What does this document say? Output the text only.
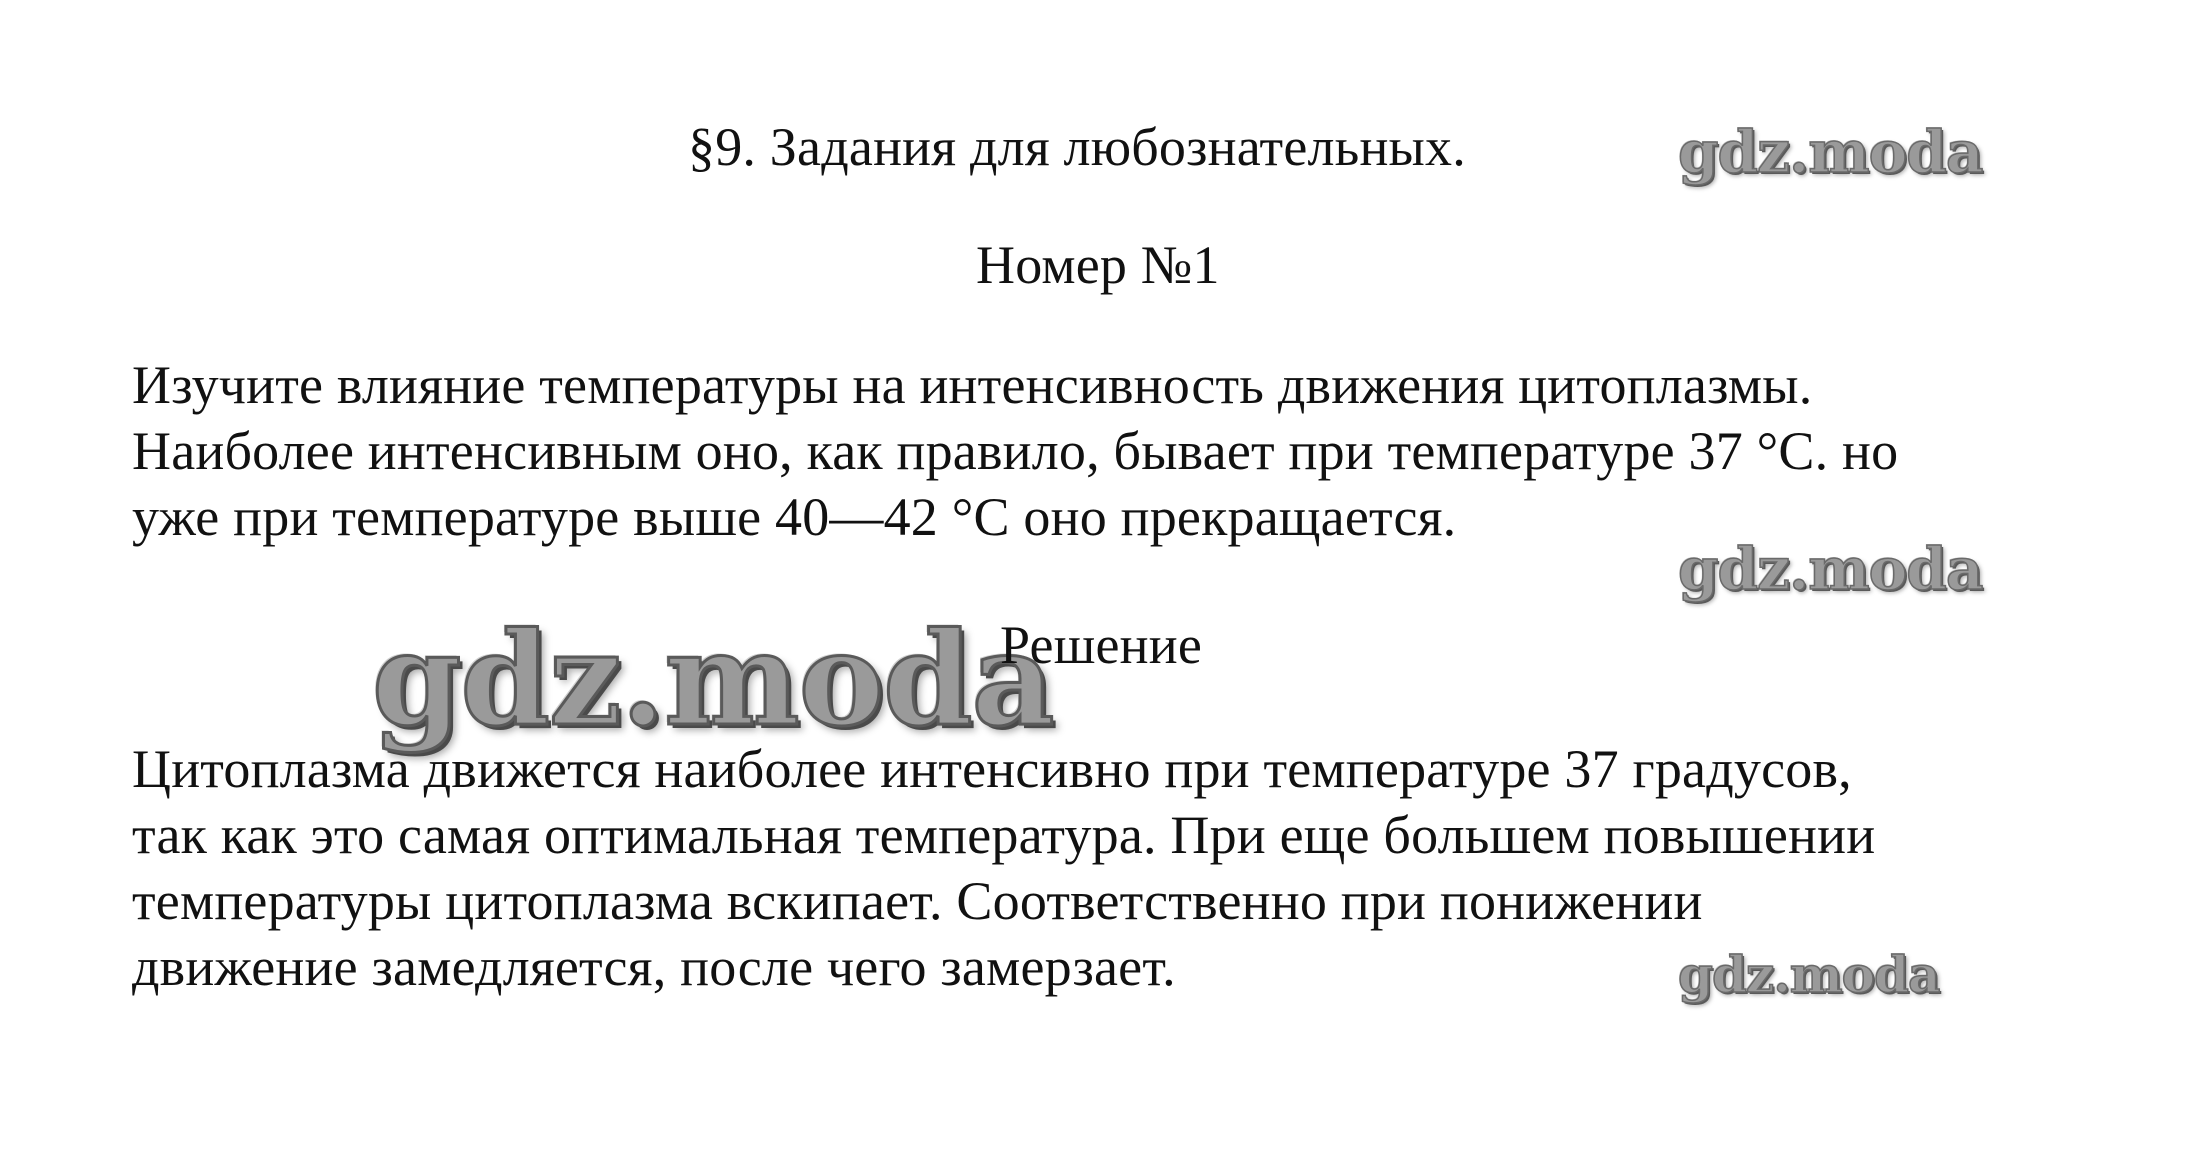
§9. Задания для любознательных.	gdz.moda
Номер №1
Изучите влияние температуры на интенсивность движения цитоплазмы.
Наиболее интенсивным оно, как правило, бывает при температуре 37 °С. но
уже при температуре выше 40—42 °С оно прекращается.
gdz.moda
gdz.moda
Решение
Цитоплазма движется наиболее интенсивно при температуре 37 градусов,
так как это самая оптимальная температура. При еще большем повышении
температуры цитоплазма вскипает. Соответственно при понижении
движение замедляется, после чего замерзает.	gdz.moda
